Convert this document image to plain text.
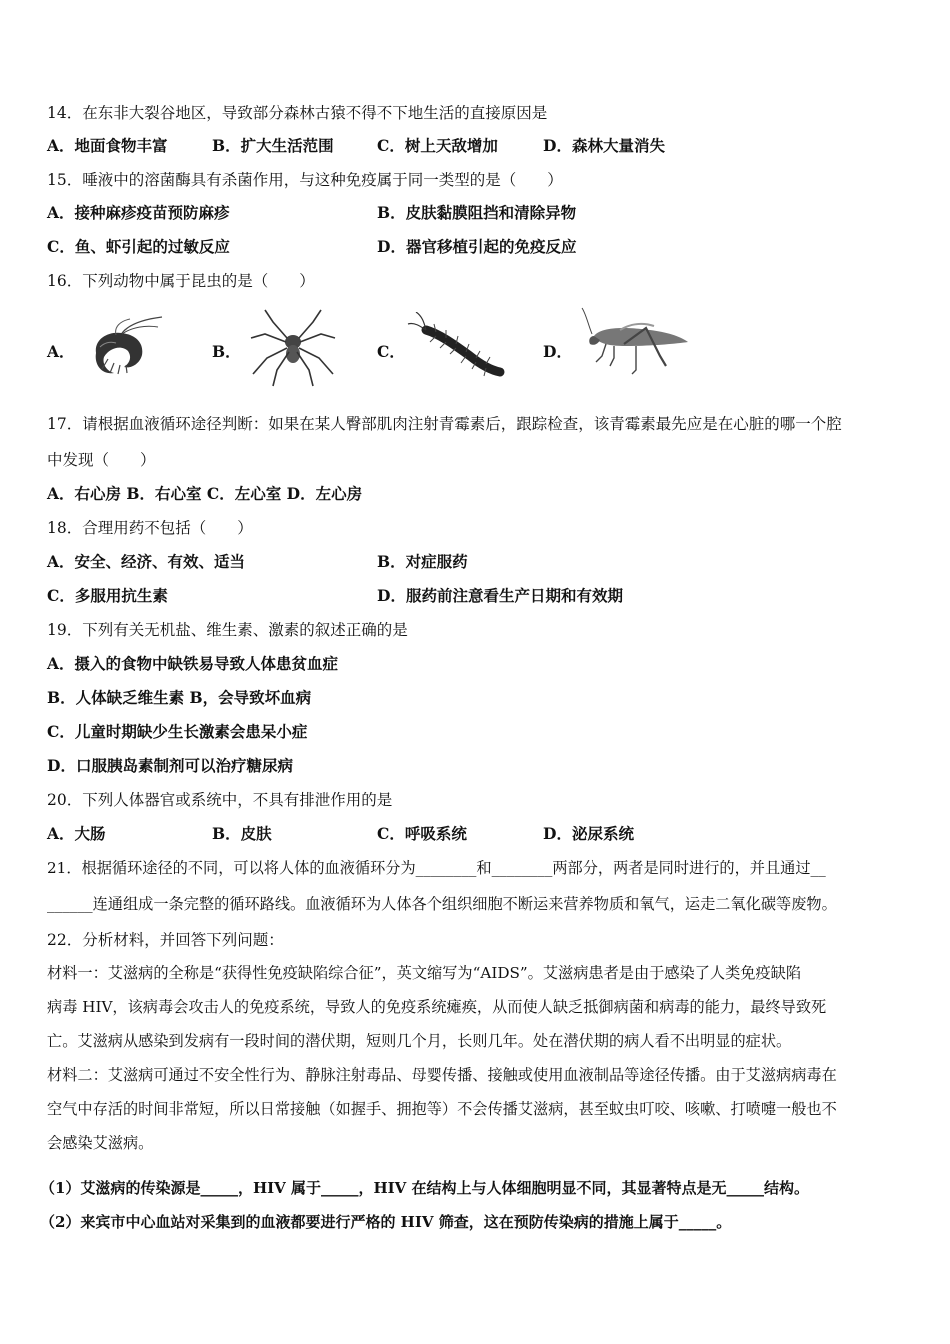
14．在东非大裂谷地区，导致部分森林古猿不得不下地生活的直接原因是
A．地面食物丰富	B．扩大生活范围	C．树上天敌增加	D．森林大量消失
15．唾液中的溶菌酶具有杀菌作用，与这种免疫属于同一类型的是（　　）
A．接种麻疹疫苗预防麻疹	B．皮肤黏膜阻挡和清除异物
C．鱼、虾引起的过敏反应	D．器官移植引起的免疫反应
16．下列动物中属于昆虫的是（　　）
A．	B．	C．	D．
17．请根据血液循环途径判断：如果在某人臀部肌肉注射青霉素后，跟踪检查，该青霉素最先应是在心脏的哪一个腔
中发现（　　）
A．右心房 B．右心室 C．左心室 D．左心房
18．合理用药不包括（　　）
A．安全、经济、有效、适当	B．对症服药
C．多服用抗生素	D．服药前注意看生产日期和有效期
19．下列有关无机盐、维生素、激素的叙述正确的是
A．摄入的食物中缺铁易导致人体患贫血症
B．人体缺乏维生素 B，会导致坏血病
C．儿童时期缺少生长激素会患呆小症
D．口服胰岛素制剂可以治疗糖尿病
20．下列人体器官或系统中，不具有排泄作用的是
A．大肠	B．皮肤	C．呼吸系统	D．泌尿系统
21．根据循环途径的不同，可以将人体的血液循环分为________和________两部分，两者是同时进行的，并且通过__
______连通组成一条完整的循环路线。血液循环为人体各个组织细胞不断运来营养物质和氧气，运走二氧化碳等废物。
22．分析材料，并回答下列问题：
材料一：艾滋病的全称是“获得性免疫缺陷综合征”，英文缩写为“AIDS”。艾滋病患者是由于感染了人类免疫缺陷
病毒 HIV，该病毒会攻击人的免疫系统，导致人的免疫系统瘫痪，从而使人缺乏抵御病菌和病毒的能力，最终导致死
亡。艾滋病从感染到发病有一段时间的潜伏期，短则几个月，长则几年。处在潜伏期的病人看不出明显的症状。
材料二：艾滋病可通过不安全性行为、静脉注射毒品、母婴传播、接触或使用血液制品等途径传播。由于艾滋病病毒在
空气中存活的时间非常短，所以日常接触（如握手、拥抱等）不会传播艾滋病，甚至蚊虫叮咬、咳嗽、打喷嚏一般也不
会感染艾滋病。
（1）艾滋病的传染源是_____，HIV 属于_____，HIV 在结构上与人体细胞明显不同，其显著特点是无_____结构。
（2）来宾市中心血站对采集到的血液都要进行严格的 HIV 筛查，这在预防传染病的措施上属于_____。
